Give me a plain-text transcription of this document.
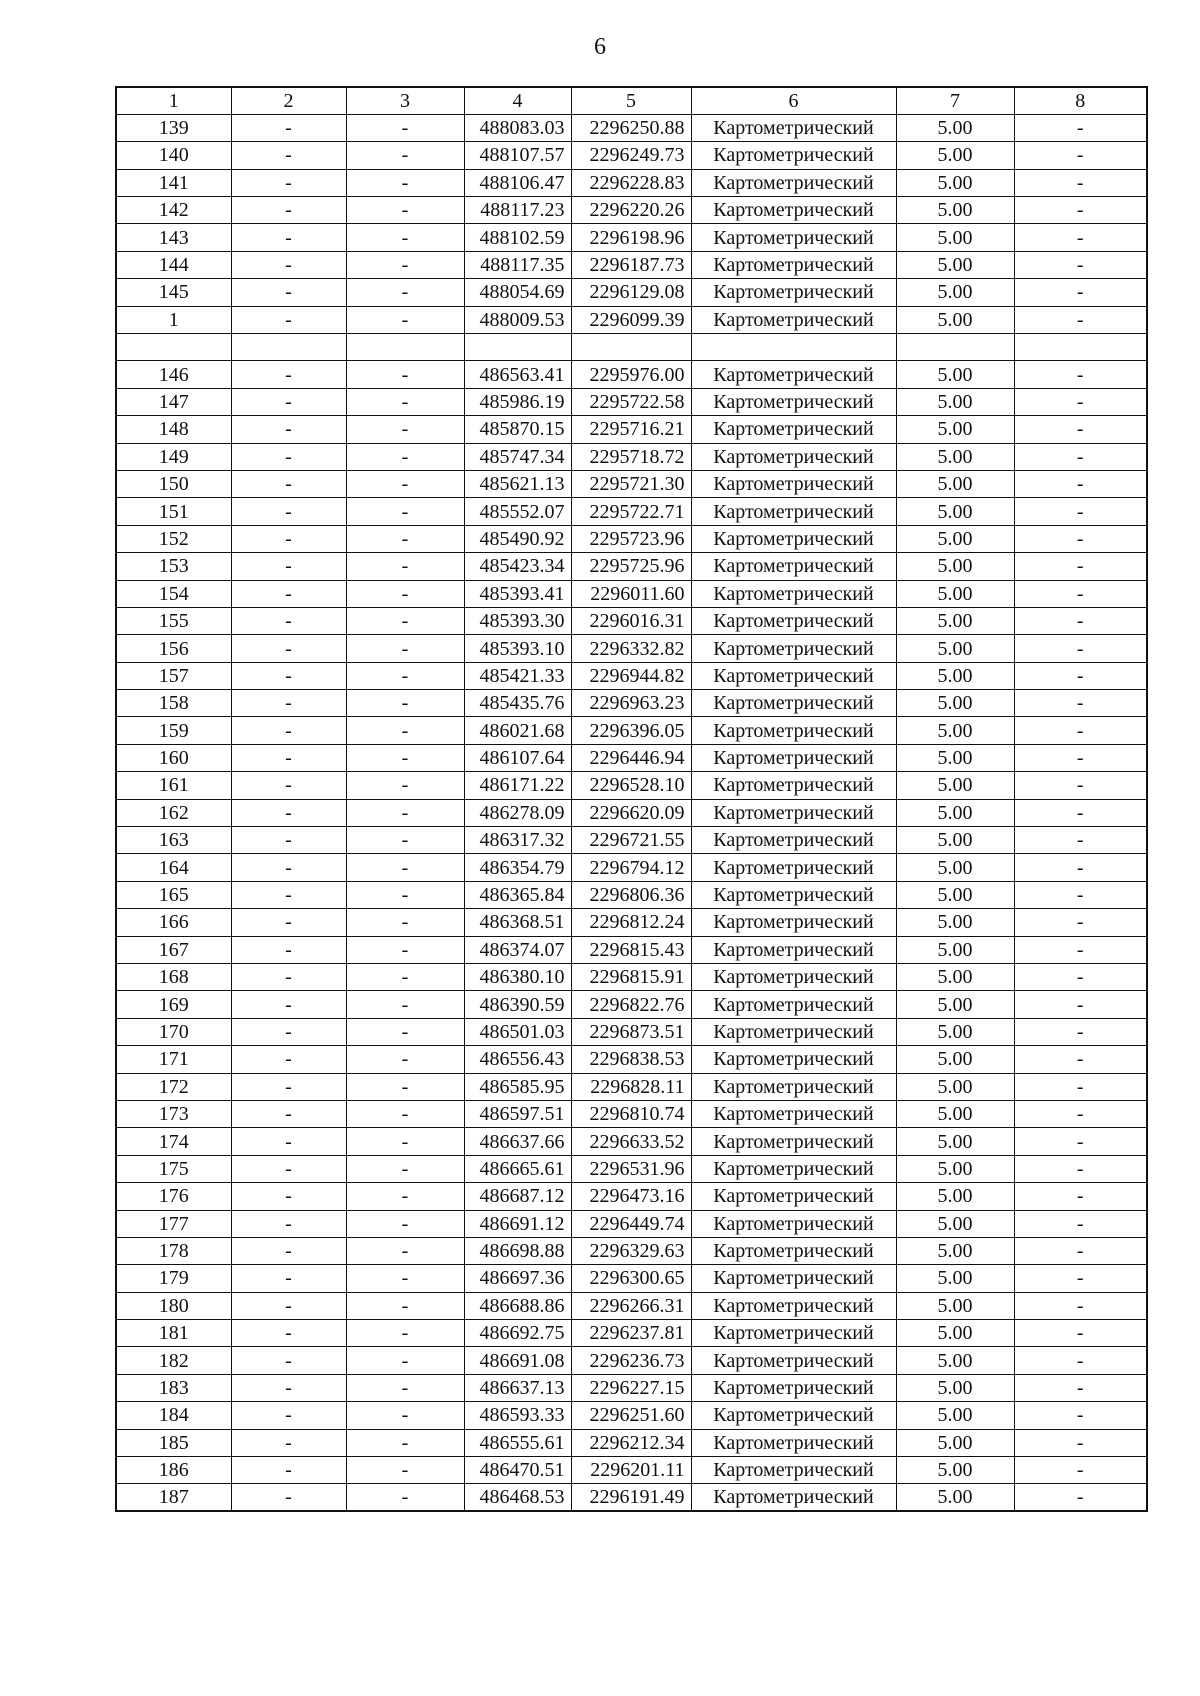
6
1	2	3	4	5	6	7	8
139	-	-	488083.03	2296250.88	Картометрический	5.00	-
140	-	-	488107.57	2296249.73	Картометрический	5.00	-
141	-	-	488106.47	2296228.83	Картометрический	5.00	-
142	-	-	488117.23	2296220.26	Картометрический	5.00	-
143	-	-	488102.59	2296198.96	Картометрический	5.00	-
144	-	-	488117.35	2296187.73	Картометрический	5.00	-
145	-	-	488054.69	2296129.08	Картометрический	5.00	-
1	-	-	488009.53	2296099.39	Картометрический	5.00	-

146	-	-	486563.41	2295976.00	Картометрический	5.00	-
147	-	-	485986.19	2295722.58	Картометрический	5.00	-
148	-	-	485870.15	2295716.21	Картометрический	5.00	-
149	-	-	485747.34	2295718.72	Картометрический	5.00	-
150	-	-	485621.13	2295721.30	Картометрический	5.00	-
151	-	-	485552.07	2295722.71	Картометрический	5.00	-
152	-	-	485490.92	2295723.96	Картометрический	5.00	-
153	-	-	485423.34	2295725.96	Картометрический	5.00	-
154	-	-	485393.41	2296011.60	Картометрический	5.00	-
155	-	-	485393.30	2296016.31	Картометрический	5.00	-
156	-	-	485393.10	2296332.82	Картометрический	5.00	-
157	-	-	485421.33	2296944.82	Картометрический	5.00	-
158	-	-	485435.76	2296963.23	Картометрический	5.00	-
159	-	-	486021.68	2296396.05	Картометрический	5.00	-
160	-	-	486107.64	2296446.94	Картометрический	5.00	-
161	-	-	486171.22	2296528.10	Картометрический	5.00	-
162	-	-	486278.09	2296620.09	Картометрический	5.00	-
163	-	-	486317.32	2296721.55	Картометрический	5.00	-
164	-	-	486354.79	2296794.12	Картометрический	5.00	-
165	-	-	486365.84	2296806.36	Картометрический	5.00	-
166	-	-	486368.51	2296812.24	Картометрический	5.00	-
167	-	-	486374.07	2296815.43	Картометрический	5.00	-
168	-	-	486380.10	2296815.91	Картометрический	5.00	-
169	-	-	486390.59	2296822.76	Картометрический	5.00	-
170	-	-	486501.03	2296873.51	Картометрический	5.00	-
171	-	-	486556.43	2296838.53	Картометрический	5.00	-
172	-	-	486585.95	2296828.11	Картометрический	5.00	-
173	-	-	486597.51	2296810.74	Картометрический	5.00	-
174	-	-	486637.66	2296633.52	Картометрический	5.00	-
175	-	-	486665.61	2296531.96	Картометрический	5.00	-
176	-	-	486687.12	2296473.16	Картометрический	5.00	-
177	-	-	486691.12	2296449.74	Картометрический	5.00	-
178	-	-	486698.88	2296329.63	Картометрический	5.00	-
179	-	-	486697.36	2296300.65	Картометрический	5.00	-
180	-	-	486688.86	2296266.31	Картометрический	5.00	-
181	-	-	486692.75	2296237.81	Картометрический	5.00	-
182	-	-	486691.08	2296236.73	Картометрический	5.00	-
183	-	-	486637.13	2296227.15	Картометрический	5.00	-
184	-	-	486593.33	2296251.60	Картометрический	5.00	-
185	-	-	486555.61	2296212.34	Картометрический	5.00	-
186	-	-	486470.51	2296201.11	Картометрический	5.00	-
187	-	-	486468.53	2296191.49	Картометрический	5.00	-
